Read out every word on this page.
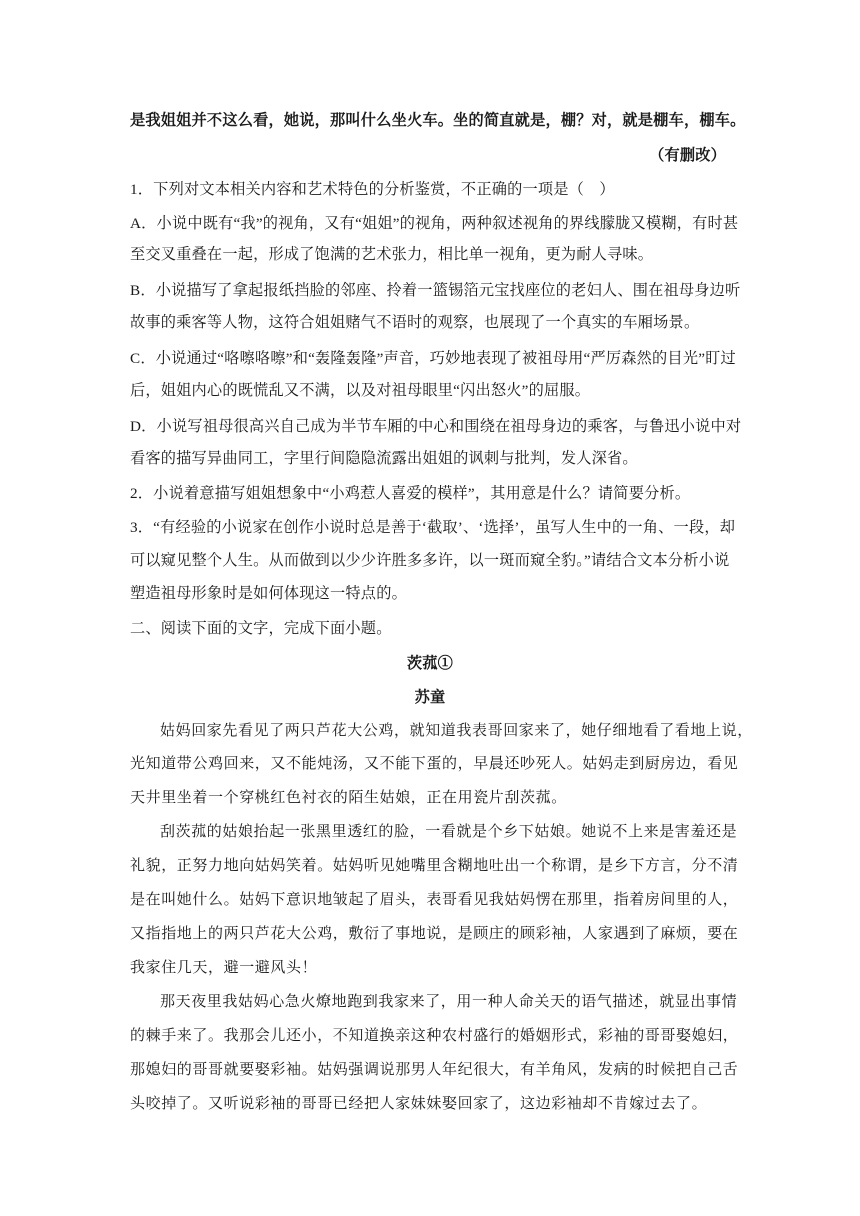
是我姐姐并不这么看，她说，那叫什么坐火车。坐的简直就是，棚？对，就是棚车，棚车。
（有删改）
1．下列对文本相关内容和艺术特色的分析鉴赏，不正确的一项是（　）
A．小说中既有“我”的视角，又有“姐姐”的视角，两种叙述视角的界线朦胧又模糊，有时甚
至交叉重叠在一起，形成了饱满的艺术张力，相比单一视角，更为耐人寻味。
B．小说描写了拿起报纸挡脸的邻座、拎着一篮锡箔元宝找座位的老妇人、围在祖母身边听
故事的乘客等人物，这符合姐姐赌气不语时的观察，也展现了一个真实的车厢场景。
C．小说通过“咯嚓咯嚓”和“轰隆轰隆”声音，巧妙地表现了被祖母用“严厉森然的目光”盯过
后，姐姐内心的既慌乱又不满，以及对祖母眼里“闪出怒火”的屈服。
D．小说写祖母很高兴自己成为半节车厢的中心和围绕在祖母身边的乘客，与鲁迅小说中对
看客的描写异曲同工，字里行间隐隐流露出姐姐的讽刺与批判，发人深省。
2．小说着意描写姐姐想象中“小鸡惹人喜爱的模样”，其用意是什么？请简要分析。
3．“有经验的小说家在创作小说时总是善于‘截取’、‘选择’，虽写人生中的一角、一段，却
可以窥见整个人生。从而做到以少少许胜多多许，以一斑而窥全豹。”请结合文本分析小说
塑造祖母形象时是如何体现这一特点的。
二、阅读下面的文字，完成下面小题。
茨菰①
苏童
姑妈回家先看见了两只芦花大公鸡，就知道我表哥回家来了，她仔细地看了看地上说，
光知道带公鸡回来，又不能炖汤，又不能下蛋的，早晨还吵死人。姑妈走到厨房边，看见
天井里坐着一个穿桃红色衬衣的陌生姑娘，正在用瓷片刮茨菰。
刮茨菰的姑娘抬起一张黑里透红的脸，一看就是个乡下姑娘。她说不上来是害羞还是
礼貌，正努力地向姑妈笑着。姑妈听见她嘴里含糊地吐出一个称谓，是乡下方言，分不清
是在叫她什么。姑妈下意识地皱起了眉头，表哥看见我姑妈愣在那里，指着房间里的人，
又指指地上的两只芦花大公鸡，敷衍了事地说，是顾庄的顾彩袖，人家遇到了麻烦，要在
我家住几天，避一避风头！
那天夜里我姑妈心急火燎地跑到我家来了，用一种人命关天的语气描述，就显出事情
的棘手来了。我那会儿还小，不知道换亲这种农村盛行的婚姻形式，彩袖的哥哥娶媳妇，
那媳妇的哥哥就要娶彩袖。姑妈强调说那男人年纪很大，有羊角风，发病的时候把自己舌
头咬掉了。又听说彩袖的哥哥已经把人家妹妹娶回家了，这边彩袖却不肯嫁过去了。
